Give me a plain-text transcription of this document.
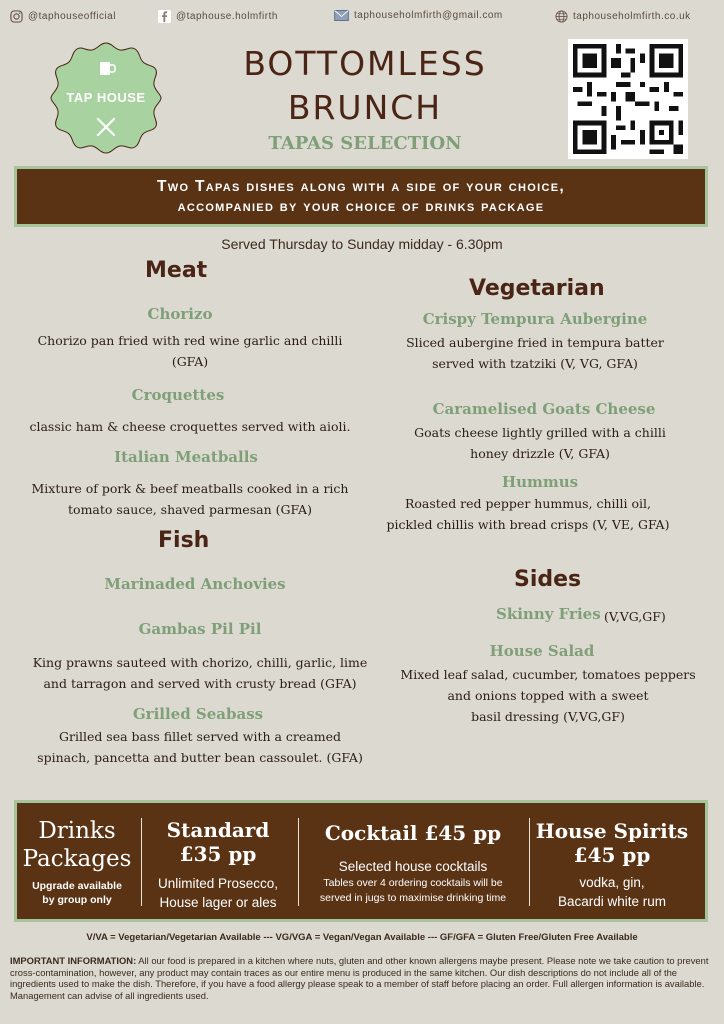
@taphouseofficial	@taphouse.holmfirth	taphouseholmfirth@gmail.com	taphouseholmfirth.co.uk
TAP HOUSE
BOTTOMLESS
BRUNCH
TAPAS SELECTION
Two Tapas dishes along with a side of your choice,
accompanied by your choice of drinks package
Served Thursday to Sunday midday - 6.30pm
Meat
Chorizo
Chorizo pan fried with red wine garlic and chilli
(GFA)
Croquettes
classic ham & cheese croquettes served with aioli.
Italian Meatballs
Mixture of pork & beef meatballs cooked in a rich
tomato sauce, shaved parmesan (GFA)
Fish
Marinaded Anchovies
Gambas Pil Pil
King prawns sauteed with chorizo, chilli, garlic, lime
and tarragon and served with crusty bread (GFA)
Grilled Seabass
Grilled sea bass fillet served with a creamed
spinach, pancetta and butter bean cassoulet. (GFA)
Vegetarian
Crispy Tempura Aubergine
Sliced aubergine fried in tempura batter
served with tzatziki (V, VG, GFA)
Caramelised Goats Cheese
Goats cheese lightly grilled with a chilli
honey drizzle (V, GFA)
Hummus
Roasted red pepper hummus, chilli oil,
pickled chillis with bread crisps (V, VE, GFA)
Sides
Skinny Fries (V,VG,GF)
House Salad
Mixed leaf salad, cucumber, tomatoes peppers
and onions topped with a sweet
basil dressing (V,VG,GF)
Drinks
Packages
Upgrade available
by group only
Standard
£35 pp
Unlimited Prosecco,
House lager or ales
Cocktail £45 pp
Selected house cocktails
Tables over 4 ordering cocktails will be
served in jugs to maximise drinking time
House Spirits
£45 pp
vodka, gin,
Bacardi white rum
V/VA = Vegetarian/Vegetarian Available --- VG/VGA = Vegan/Vegan Available --- GF/GFA = Gluten Free/Gluten Free Available
IMPORTANT INFORMATION: All our food is prepared in a kitchen where nuts, gluten and other known allergens maybe present. Please note we take caution to prevent cross-contamination, however, any product may contain traces as our entire menu is produced in the same kitchen. Our dish descriptions do not include all of the ingredients used to make the dish. Therefore, if you have a food allergy please speak to a member of staff before placing an order. Full allergen information is available. Management can advise of all ingredients used.
